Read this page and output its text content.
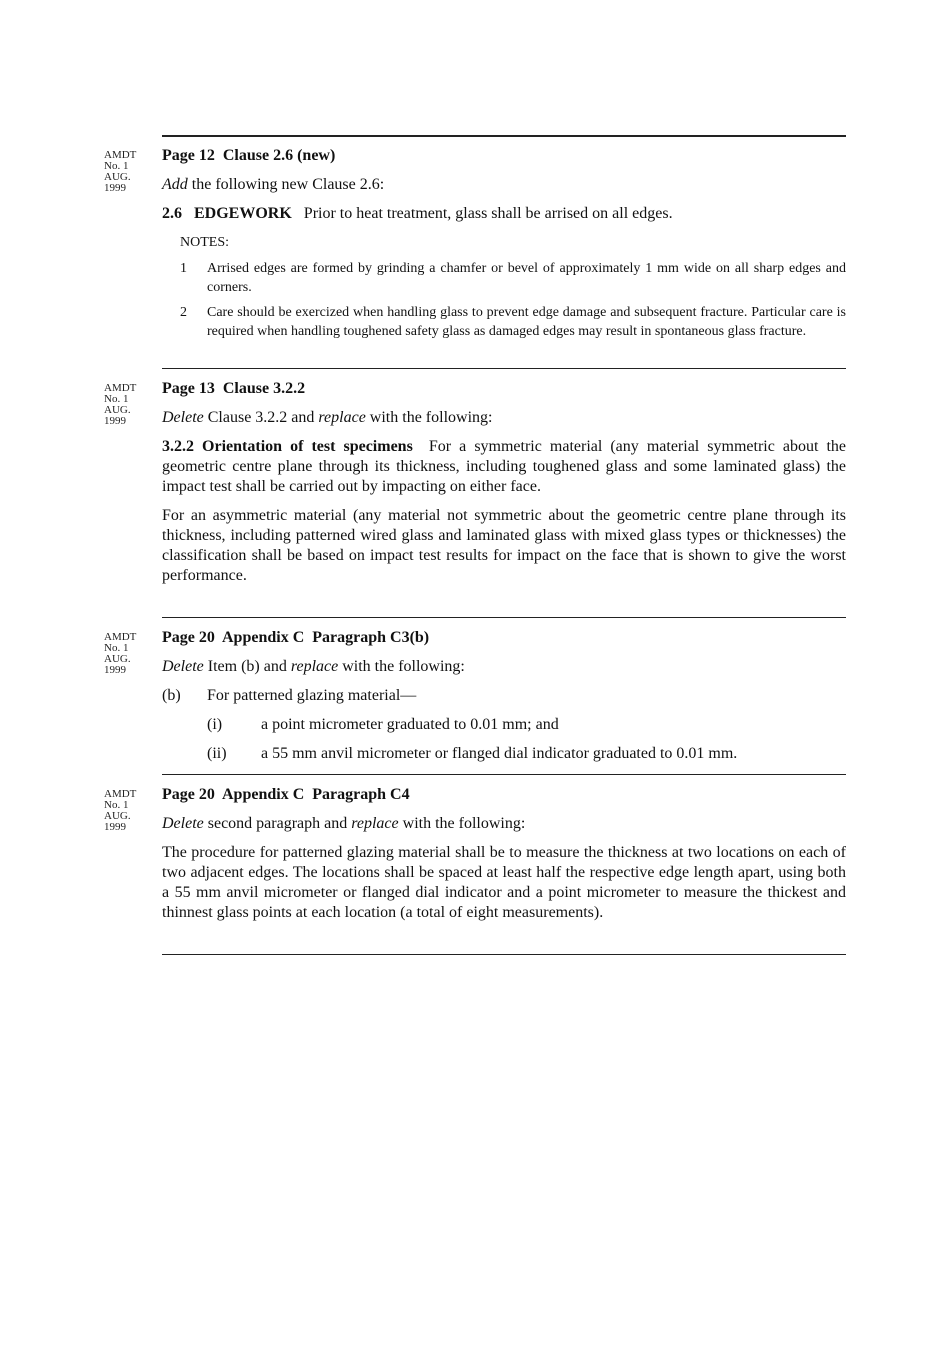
AMDT
No. 1
AUG.
1999

Page 12  Clause 2.6 (new)

Add the following new Clause 2.6:

2.6 EDGEWORK Prior to heat treatment, glass shall be arrised on all edges.

NOTES:

1	Arrised edges are formed by grinding a chamfer or bevel of approximately 1 mm wide on all sharp edges and corners.
2	Care should be exercized when handling glass to prevent edge damage and subsequent fracture. Particular care is required when handling toughened safety glass as damaged edges may result in spontaneous glass fracture.
AMDT
No. 1
AUG.
1999

Page 13  Clause 3.2.2

Delete Clause 3.2.2 and replace with the following:

3.2.2 Orientation of test specimens For a symmetric material (any material symmetric about the geometric centre plane through its thickness, including toughened glass and some laminated glass) the impact test shall be carried out by impacting on either face.

For an asymmetric material (any material not symmetric about the geometric centre plane through its thickness, including patterned wired glass and laminated glass with mixed glass types or thicknesses) the classification shall be based on impact test results for impact on the face that is shown to give the worst performance.

AMDT
No. 1
AUG.
1999

Page 20  Appendix C  Paragraph C3(b)

Delete Item (b) and replace with the following:

(b)	For patterned glazing material—
(i)	a point micrometer graduated to 0.01 mm; and
(ii)	a 55 mm anvil micrometer or flanged dial indicator graduated to 0.01 mm.
AMDT
No. 1
AUG.
1999

Page 20  Appendix C  Paragraph C4

Delete second paragraph and replace with the following:

The procedure for patterned glazing material shall be to measure the thickness at two locations on each of two adjacent edges. The locations shall be spaced at least half the respective edge length apart, using both a 55 mm anvil micrometer or flanged dial indicator and a point micrometer to measure the thickest and thinnest glass points at each location (a total of eight measurements).
